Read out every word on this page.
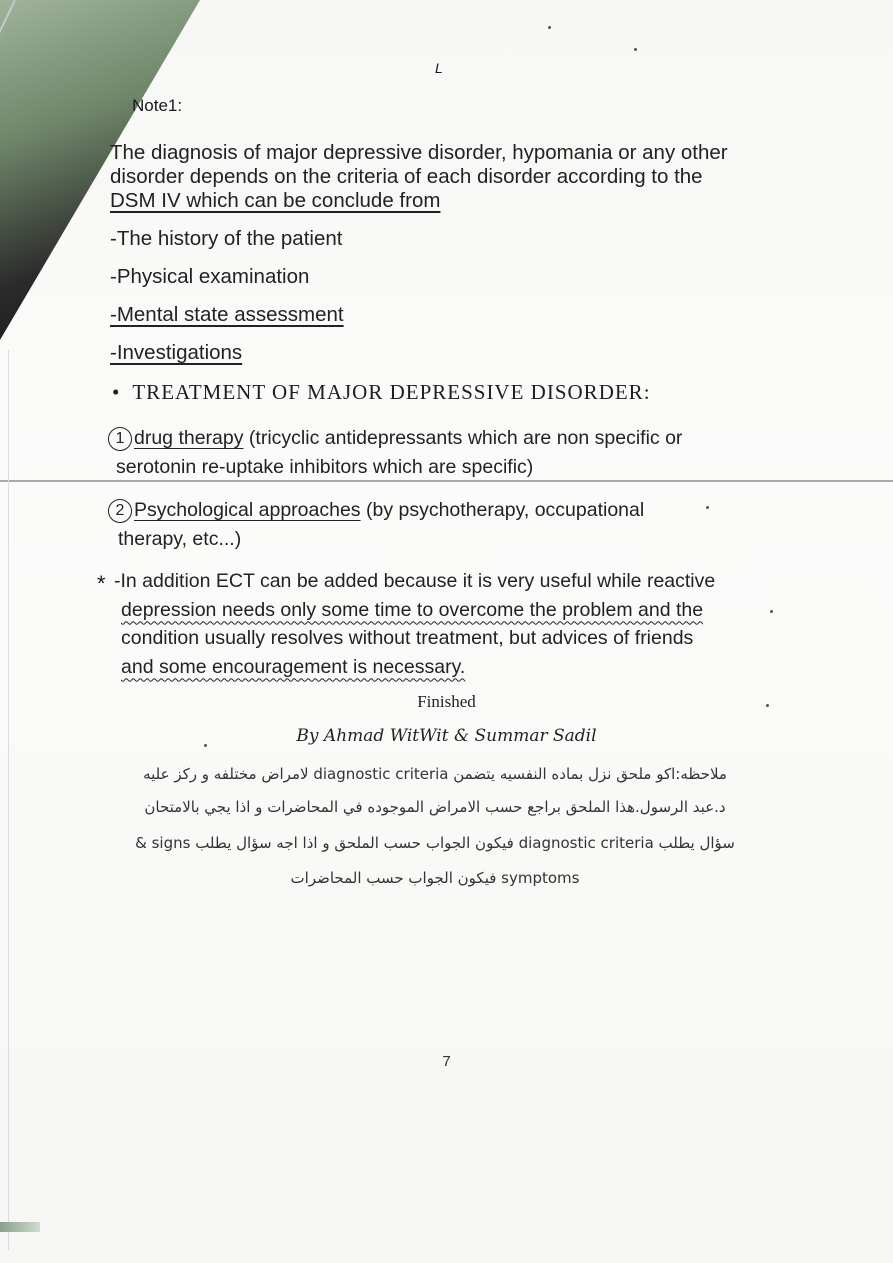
L
Note1:
The diagnosis of major depressive disorder, hypomania or any other
disorder depends on the criteria of each disorder according to the
DSM IV which can be conclude from
-The history of the patient
-Physical examination
-Mental state assessment
-Investigations
• TREATMENT OF MAJOR DEPRESSIVE DISORDER:
1 drug therapy (tricyclic antidepressants which are non specific or
serotonin re-uptake inhibitors which are specific)
2 Psychological approaches (by psychotherapy, occupational
therapy, etc...)
* -In addition ECT can be added because it is very useful while reactive
depression needs only some time to overcome the problem and the
condition usually resolves without treatment, but advices of friends
and some encouragement is necessary.
Finished
By Ahmad WitWit & Summar Sadil
ملاحظه:اكو ملحق نزل بماده النفسيه يتضمن diagnostic criteria لامراض مختلفه و ركز عليه
د.عبد الرسول.هذا الملحق براجع حسب الامراض الموجوده في المحاضرات و اذا يجي بالامتحان
سؤال يطلب diagnostic criteria فيكون الجواب حسب الملحق و اذا اجه سؤال يطلب signs &
symptoms فيكون الجواب حسب المحاضرات
7
